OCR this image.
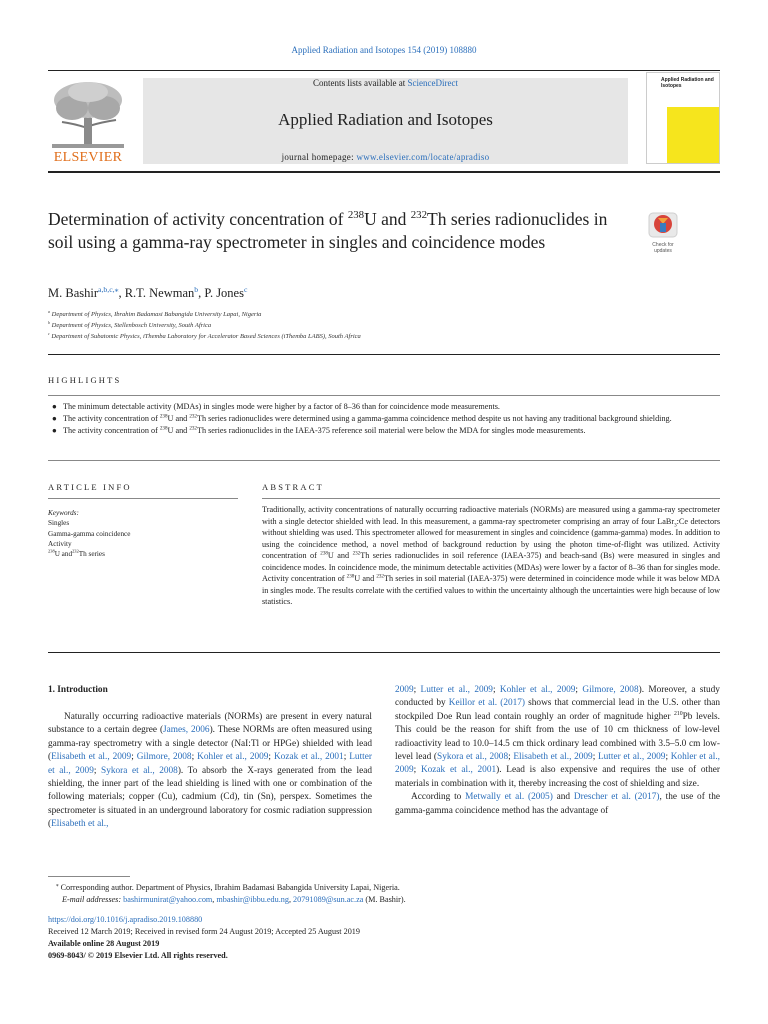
Applied Radiation and Isotopes 154 (2019) 108880
ELSEVIER
Contents lists available at ScienceDirect
Applied Radiation and Isotopes
journal homepage: www.elsevier.com/locate/apradiso
Applied Radiation and
Isotopes
Determination of activity concentration of $^{238}$U and $^{232}$Th series radionuclides in soil using a gamma-ray spectrometer in singles and coincidence modes	Check for
updates
M. Bashir$^{a,b,c,⁎}$, R.T. Newman$^b$, P. Jones$^c$
$^a$ Department of Physics, Ibrahim Badamasi Babangida University Lapai, Nigeria
$^b$ Department of Physics, Stellenbosch University, South Africa
$^c$ Department of Subatomic Physics, iThemba Laboratory for Accelerator Based Sciences (iThemba LABS), South Africa
HIGHLIGHTS
● The minimum detectable activity (MDAs) in singles mode were higher by a factor of 8–36 than for coincidence mode measurements.
● The activity concentration of $^{238}$U and $^{232}$Th series radionuclides were determined using a gamma-gamma coincidence method despite us not having any traditional background shielding.
● The activity concentration of $^{238}$U and $^{232}$Th series radionuclides in the IAEA-375 reference soil material were below the MDA for singles mode measurements.
ARTICLE INFO	ABSTRACT
Keywords:
Singles
Gamma-gamma coincidence
Activity
$^{238}$U and$^{232}$Th series
Traditionally, activity concentrations of naturally occurring radioactive materials (NORMs) are measured using a gamma-ray spectrometer with a single detector shielded with lead. In this measurement, a gamma-ray spectrometer comprising an array of four LaBr$_3$:Ce detectors without shielding was used. This spectrometer allowed for measurement in singles and coincidence (gamma-gamma) modes. In addition to using the coincidence method, a novel method of background reduction by using the photon time-of-flight was utilized. Activity concentration of $^{238}$U and $^{232}$Th series radionuclides in soil reference (IAEA-375) and beach-sand (Bs) were measured in singles and coincidence modes. In coincidence mode, the minimum detectable activities (MDAs) were lower by a factor of 8–36 than for singles mode. Activity concentration of $^{238}$U and $^{232}$Th series in soil material (IAEA-375) were determined in coincidence mode while it was below MDA in singles mode. The results correlate with the certified values to within the uncertainty although the uncertainties were high because of low statistics.
1. Introduction

Naturally occurring radioactive materials (NORMs) are present in every natural substance to a certain degree (James, 2006). These NORMs are often measured using gamma-ray spectrometry with a single detector (NaI:Tl or HPGe) shielded with lead (Elisabeth et al., 2009; Gilmore, 2008; Kohler et al., 2009; Kozak et al., 2001; Lutter et al., 2009; Sykora et al., 2008). To absorb the X-rays generated from the lead shielding, the inner part of the lead shielding is lined with one or combination of the following materials; copper (Cu), cadmium (Cd), tin (Sn), perspex. Sometimes the spectrometer is situated in an underground laboratory for cosmic radiation suppression (Elisabeth et al.,

2009; Lutter et al., 2009; Kohler et al., 2009; Gilmore, 2008). Moreover, a study conducted by Keillor et al. (2017) shows that commercial lead in the U.S. other than stockpiled Doe Run lead contain roughly an order of magnitude higher $^{210}$Pb levels. This could be the reason for shift from the use of 10 cm thickness of low-level radioactivity lead to 10.0–14.5 cm thick ordinary lead combined with 3.5–5.0 cm low-level lead (Sykora et al., 2008; Elisabeth et al., 2009; Lutter et al., 2009; Kohler et al., 2009; Kozak et al., 2001). Lead is also expensive and requires the use of other materials in combination with it, thereby increasing the cost of shielding and size.

According to Metwally et al. (2005) and Drescher et al. (2017), the use of the gamma-gamma coincidence method has the advantage of

⁎ Corresponding author. Department of Physics, Ibrahim Badamasi Babangida University Lapai, Nigeria.
E-mail addresses: bashirmunirat@yahoo.com, mbashir@ibbu.edu.ng, 20791089@sun.ac.za (M. Bashir).
https://doi.org/10.1016/j.apradiso.2019.108880
Received 12 March 2019; Received in revised form 24 August 2019; Accepted 25 August 2019
Available online 28 August 2019
0969-8043/ © 2019 Elsevier Ltd. All rights reserved.
